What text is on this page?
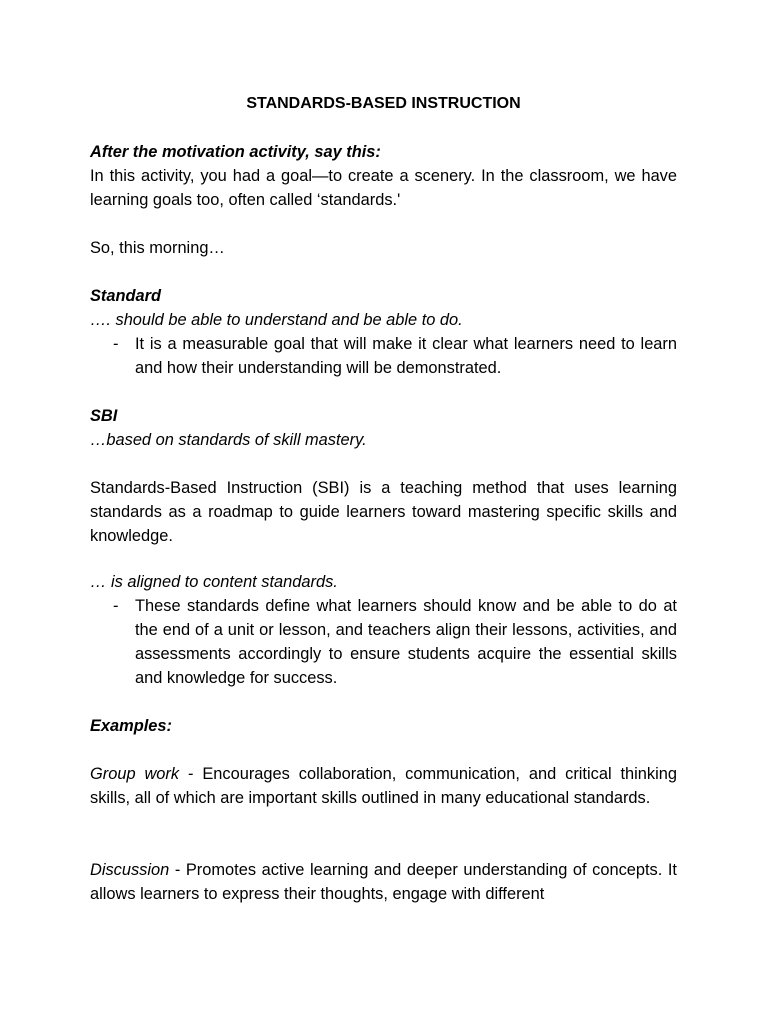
STANDARDS-BASED INSTRUCTION

After the motivation activity, say this:

In this activity, you had a goal—to create a scenery. In the classroom, we have learning goals too, often called ‘standards.'

So, this morning…

Standard

…. should be able to understand and be able to do.

- It is a measurable goal that will make it clear what learners need to learn and how their understanding will be demonstrated.

SBI

…based on standards of skill mastery.

Standards-Based Instruction (SBI) is a teaching method that uses learning standards as a roadmap to guide learners toward mastering specific skills and knowledge.

… is aligned to content standards.

- These standards define what learners should know and be able to do at the end of a unit or lesson, and teachers align their lessons, activities, and assessments accordingly to ensure students acquire the essential skills and knowledge for success.
Examples:
Group work - Encourages collaboration, communication, and critical thinking skills, all of which are important skills outlined in many educational standards.
Discussion - Promotes active learning and deeper understanding of concepts. It allows learners to express their thoughts, engage with different
